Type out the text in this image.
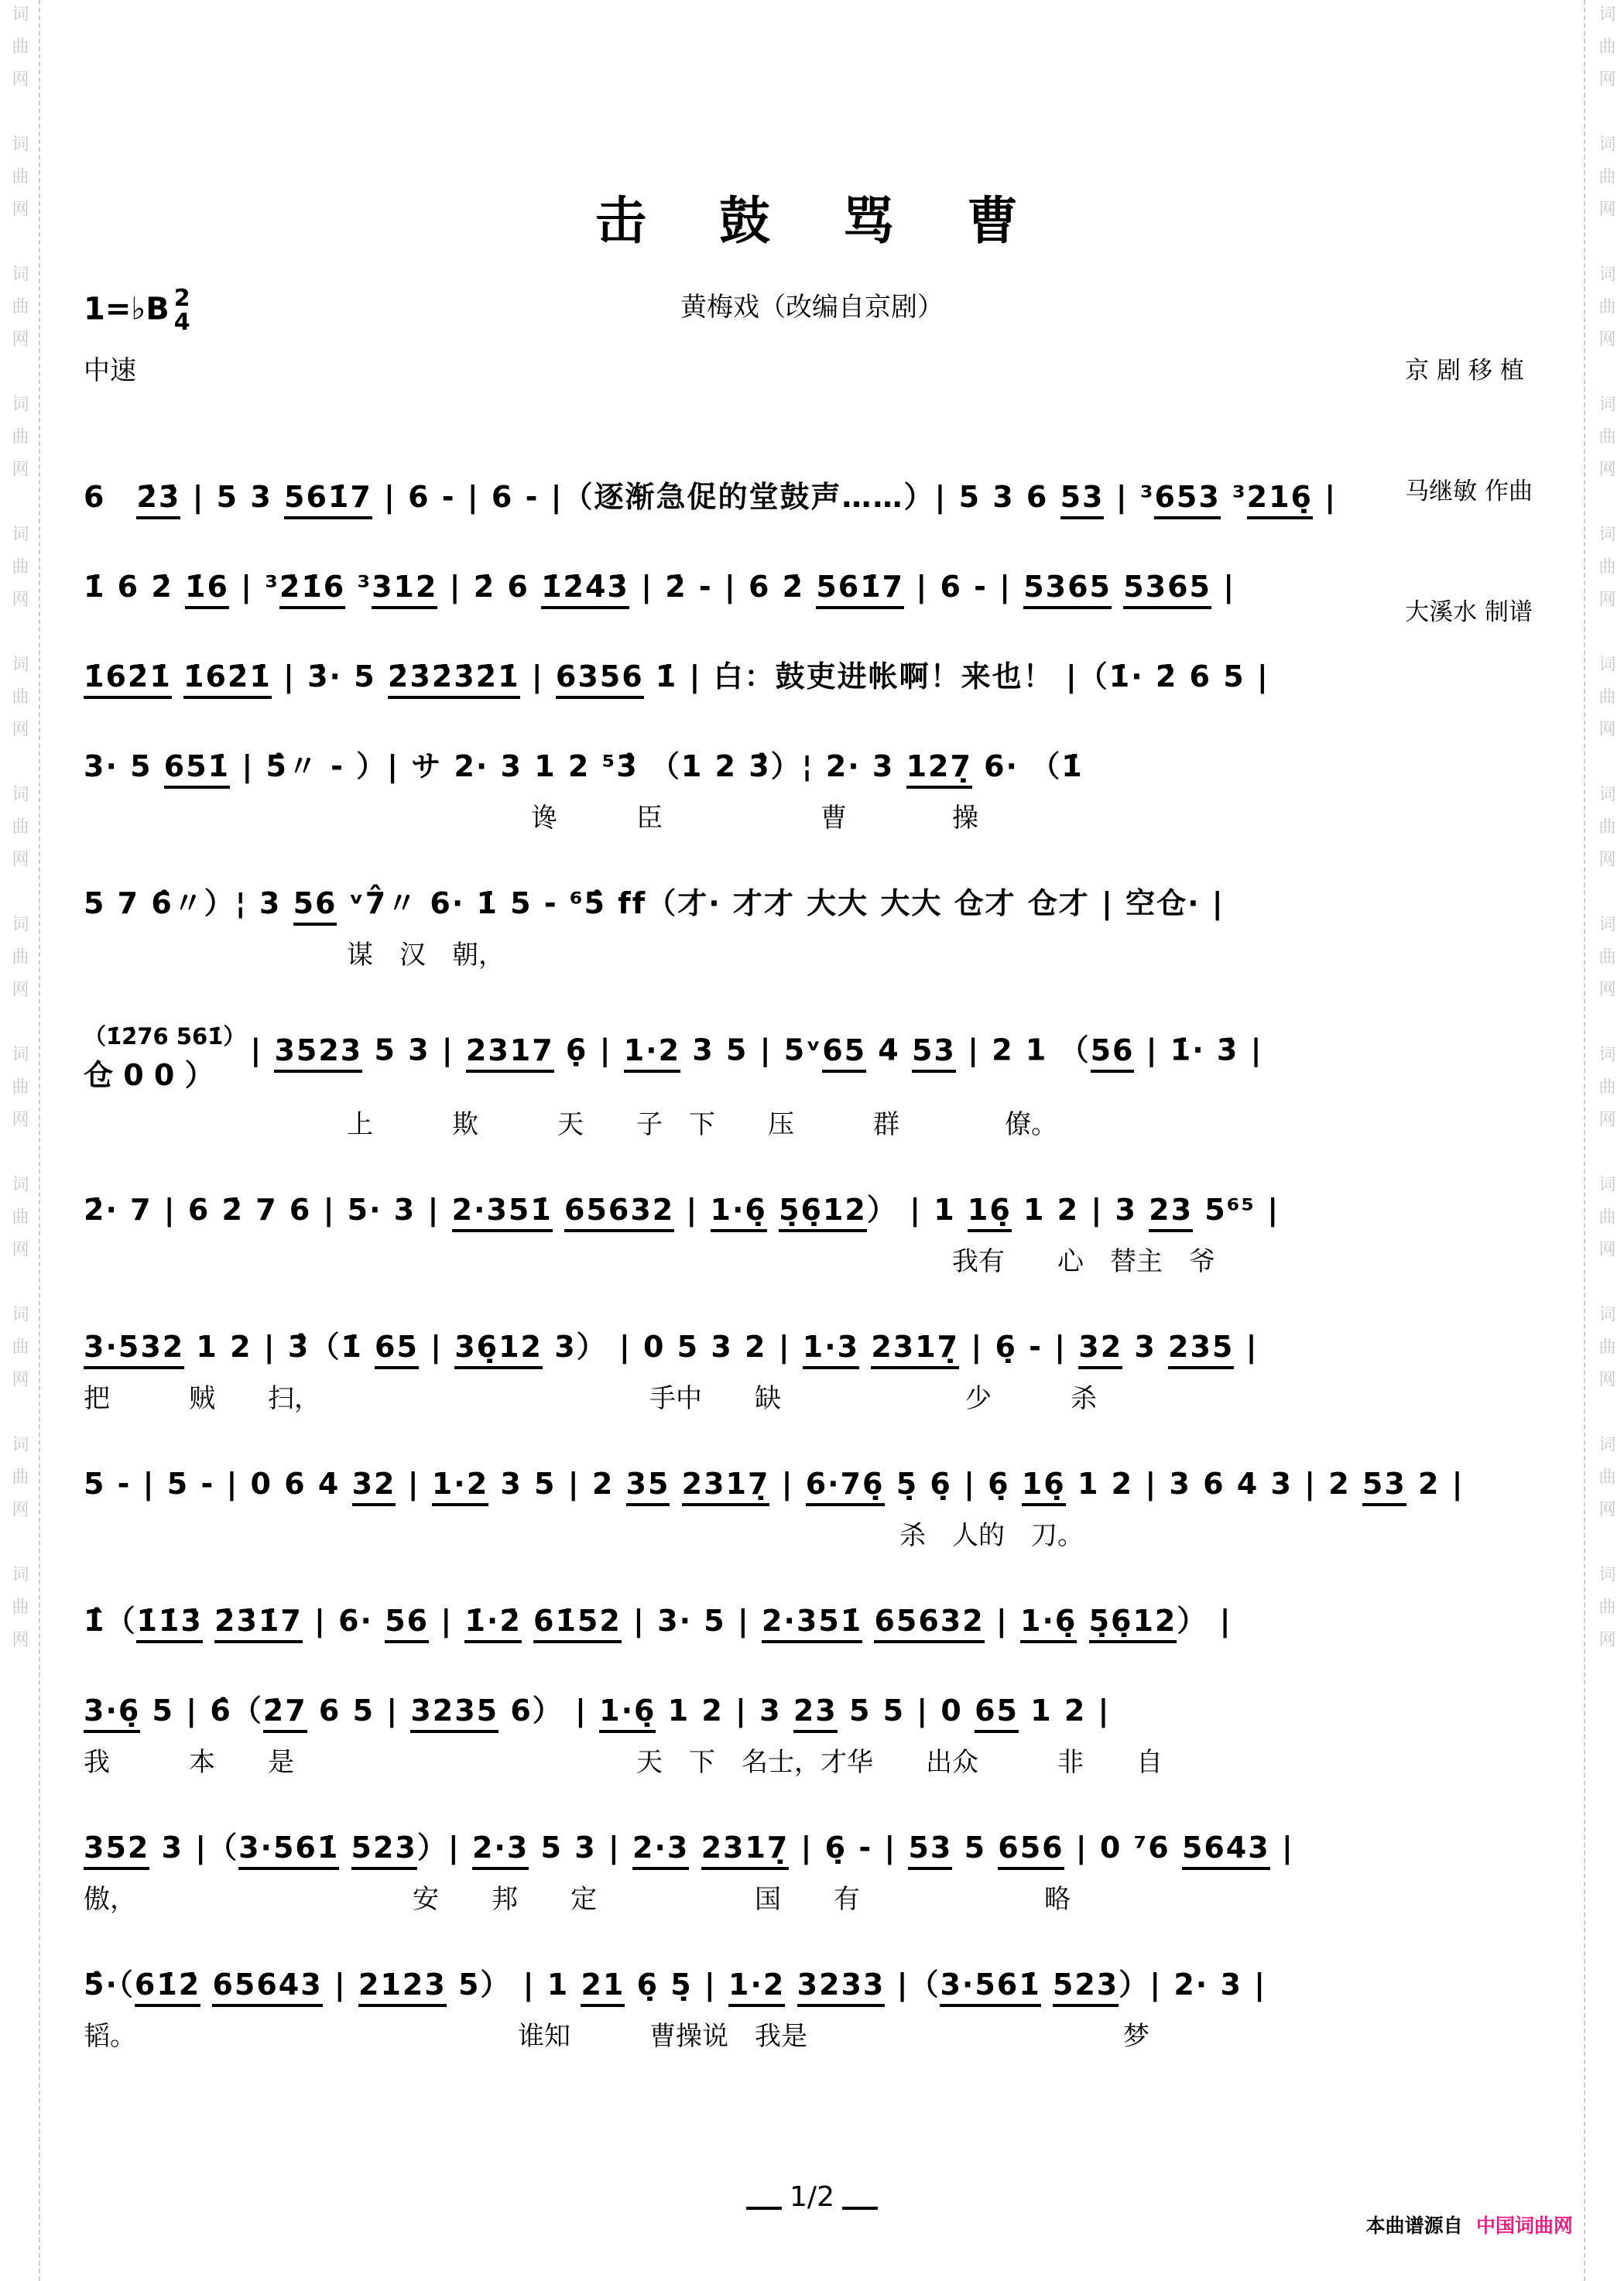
词曲网　词曲网　词曲网　词曲网　词曲网　词曲网　词曲网　词曲网　词曲网　词曲网　词曲网　词曲网　词曲网	词曲网　词曲网　词曲网　词曲网　词曲网　词曲网　词曲网　词曲网　词曲网　词曲网　词曲网　词曲网　词曲网
击　鼓　骂　曹
1=♭B 2
4
中速
黄梅戏（改编自京剧）

京 剧 移 植

马继敏 作曲

大溪水 制谱

6　2̇3̇ | 5 3 561̇7 | 6 - | 6 - |（逐渐急促的堂鼓声……）| 5 3 6 53 | ³653 ³216̣ |
1̇ 6 2̇ 1̇6 | ³2̇1̇6 ³312 | 2̇ 6 1̇2̇4̇3̇ | 2̇ - | 6 2̇ 561̇7 | 6 - | 5365 5365 |
1̇62̇1̇ 1̇62̇1̇ | 3̇· 5 2̇3̇2̇3̇2̇1̇ | 6356 1̇ | 白：鼓吏进帐啊！来也！ |（1̇· 2̇ 6 5 |
3· 5 651̇ | 5̂〃 - ）| サ 2· 3 1 2 ⁵3̂ （1 2 3̂）¦ 2· 3 127̣ 6· （1̇
　　　　　　　　　　　　　　　　　谗　　　臣　　　　　　曹　　　　操
5 7 6̂〃）¦ 3 56 ᵛ7̂〃 6· 1̇ 5 - ⁶5̂ ff（才· 才才 大大 大大 仓才 仓才 | 空仓· |
　　　　　　　　　　谋　汉　朝，
（1̇2̇76 561̇）
仓 0 0 ）
| 3523 5 3 | 2317 6̣ | 1·2 3 5 | 5ᵛ65 4 53 | 2 1 （56 | 1̇· 3̇ |
　　　　　　　　　　上　　　欺　　　天　　子　下　　压　　　群　　　　僚。
2̇· 7 | 6 2̇ 7 6 | 5· 3 | 2·351̇ 65632 | 1·6̣ 5̣6̣12） | 1 16̣ 1 2 | 3 23 5⁶⁵ |
　　　　　　　　　　　　　　　　　　　　　　　　　　　　　　　　　我有　　心　替主　爷
3·532 1 2 | 3̂（1̇ 65 | 36̣12 3） | 0 5 3 2 | 1·3 2317̣ | 6̣ - | 32 3 235 |
把　　　贼　　扫，　　　　　　　　　　　　　手中　　缺　　　　　　　少　　　杀
5 - | 5 - | 0 6 4 32 | 1·2 3 5 | 2 35 2317̣ | 6·76̣ 5̣ 6̣ | 6̣ 16̣ 1 2 | 3 6 4 3 | 2 53 2 |
　　　　　　　　　　　　　　　　　　　　　　　　　　　　　　　杀　人的　刀。
1̇̂（1̇1̇3̇ 2̇3̇1̇7 | 6· 56 | 1̇·2̇ 61̇52 | 3· 5 | 2·351̇ 65632 | 1·6̣ 5̣6̣12） |
3·6̣ 5 | 6̂（2̇7 6 5 | 3235 6） | 1·6̣ 1 2 | 3 23 5 5 | 0 65 1 2 |
我　　　本　　是　　　　　　　　　　　　　天　下　名士，才华　　出众　　　非　　自
352 3 |（3·561̇ 523）| 2·3 5 3 | 2·3 2317̣ | 6̣ - | 53 5 656 | 0 ⁷6 5643 |
傲，　　　　　　　　　　　安　　邦　　定　　　　　　国　　有　　　　　　　略
5̂·（61̇2̇ 65643 | 2123 5） | 1 21 6̣ 5̣ | 1·2 3233 |（3·561̇ 523）| 2· 3 |
韬。　　　　　　　　　　　　　　　谁知　　　曹操说　我是　　　　　　　　　　　　梦
1/2

本曲谱源自  中国词曲网
